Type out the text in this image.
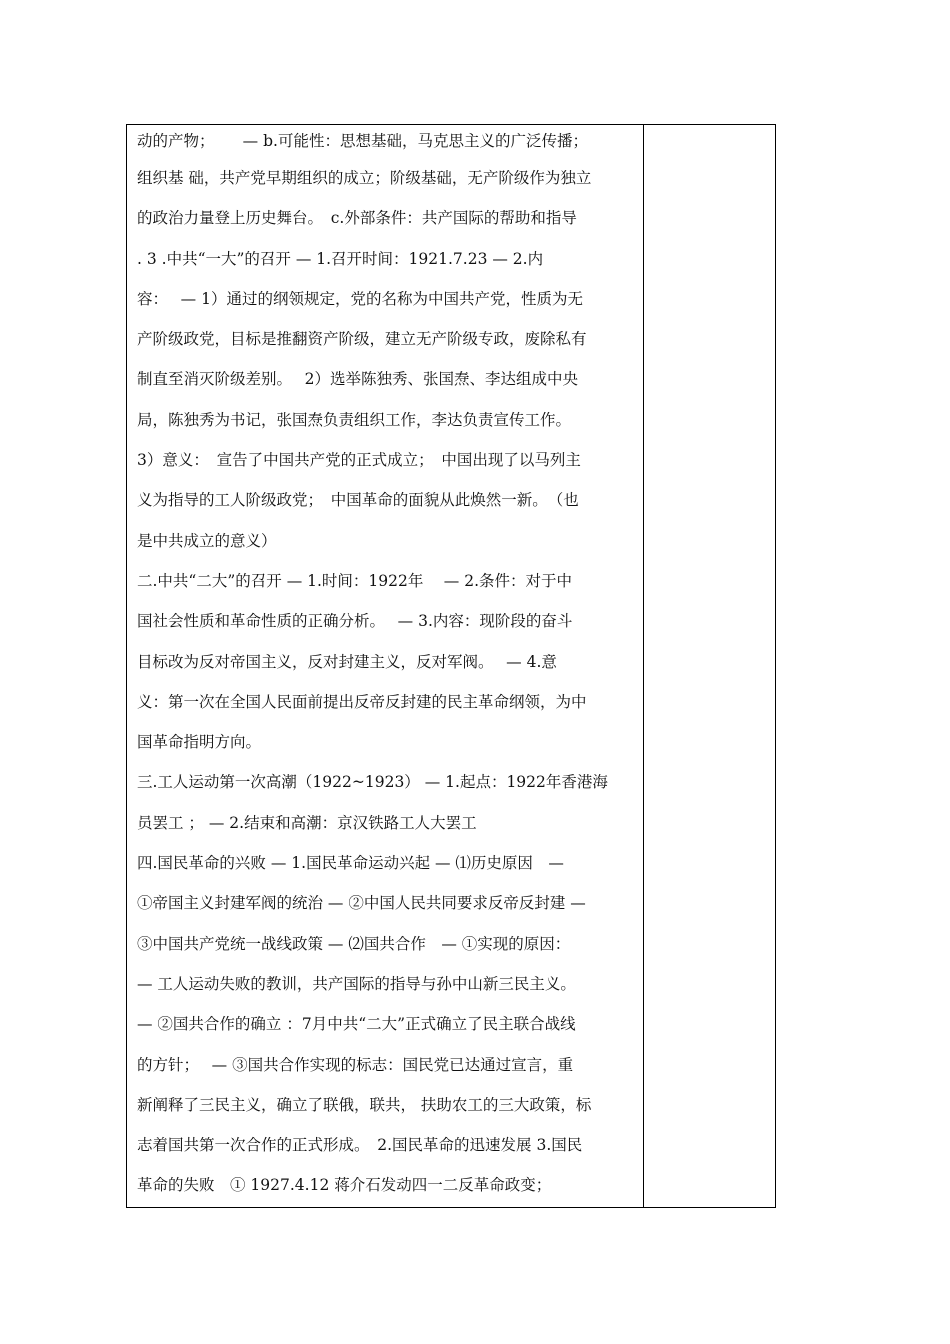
动的产物；　　 — b.可能性：思想基础，马克思主义的广泛传播；
组织基 础，共产党早期组织的成立；阶级基础，无产阶级作为独立
的政治力量登上历史舞台。　c.外部条件：共产国际的帮助和指导
. 3 .中共“一大”的召开 — 1.召开时间：1921.7.23 — 2.内
容：　 — 1）通过的纲领规定，党的名称为中国共产党，性质为无
产阶级政党，目标是推翻资产阶级，建立无产阶级专政，废除私有
制直至消灭阶级差别。　 2）选举陈独秀、张国焘、李达组成中央
局，陈独秀为书记，张国焘负责组织工作，李达负责宣传工作。
3）意义：　宣告了中国共产党的正式成立；　中国出现了以马列主
义为指导的工人阶级政党；　中国革命的面貌从此焕然一新。　（也
是中共成立的意义）
二.中共“二大”的召开 — 1.时间：1922年　 — 2.条件：对于中
国社会性质和革命性质的正确分析。　 — 3.内容：现阶段的奋斗
目标改为反对帝国主义，反对封建主义，反对军阀。　 — 4.意
义：第一次在全国人民面前提出反帝反封建的民主革命纲领，为中
国革命指明方向。
三.工人运动第一次高潮（1922~1923） — 1.起点：1922年香港海
员罢工 ； — 2.结束和高潮：京汉铁路工人大罢工
四.国民革命的兴败 — 1.国民革命运动兴起 — ⑴历史原因　—
①帝国主义封建军阀的统治 — ②中国人民共同要求反帝反封建 —
③中国共产党统一战线政策 — ⑵国共合作　— ①实现的原因：
— 工人运动失败的教训，共产国际的指导与孙中山新三民主义。
— ②国共合作的确立 ：7月中共“二大”正式确立了民主联合战线
的方针；　 — ③国共合作实现的标志：国民党已达通过宣言，重
新阐释了三民主义，确立了联俄，联共， 扶助农工的三大政策，标
志着国共第一次合作的正式形成。　2.国民革命的迅速发展 3.国民
革命的失败　① 1927.4.12 蒋介石发动四一二反革命政变；
